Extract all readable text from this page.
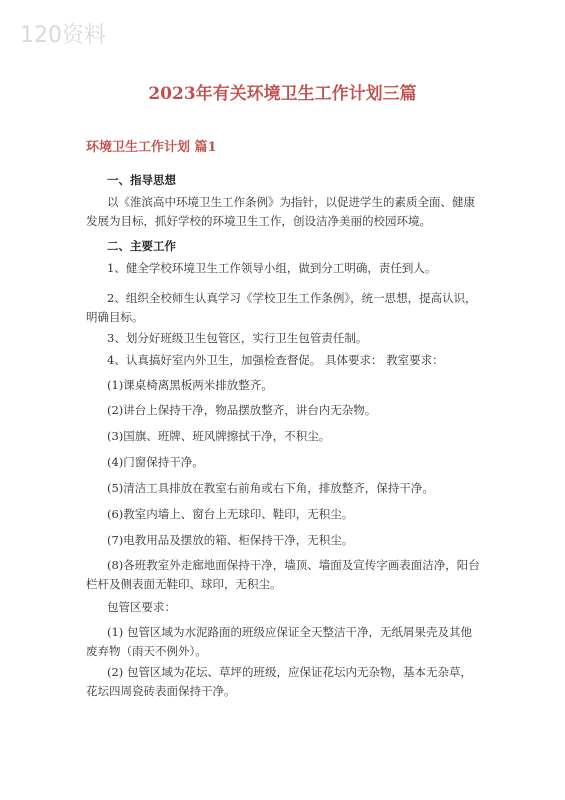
120资料
2023年有关环境卫生工作计划三篇
环境卫生工作计划 篇1
一、指导思想
以《淮滨高中环境卫生工作条例》为指针，以促进学生的素质全面、健康
发展为目标，抓好学校的环境卫生工作，创设洁净美丽的校园环境。
二、主要工作
1、健全学校环境卫生工作领导小组，做到分工明确，责任到人。
2、组织全校师生认真学习《学校卫生工作条例》，统一思想，提高认识，
明确目标。
3、划分好班级卫生包管区，实行卫生包管责任制。
4、认真搞好室内外卫生，加强检查督促。 具体要求： 教室要求：
(1)课桌椅离黑板两米排放整齐。
(2)讲台上保持干净，物品摆放整齐，讲台内无杂物。
(3)国旗、班牌、班风牌擦拭干净，不积尘。
(4)门窗保持干净。
(5)清洁工具排放在教室右前角或右下角，排放整齐，保持干净。
(6)教室内墙上、窗台上无球印、鞋印，无积尘。
(7)电教用品及摆放的箱、柜保持干净，无积尘。
(8)各班教室外走廊地面保持干净，墙顶、墙面及宣传字画表面洁净，阳台
栏杆及侧表面无鞋印、球印，无积尘。
包管区要求：
(1) 包管区域为水泥路面的班级应保证全天整洁干净，无纸屑果壳及其他
废弃物（雨天不例外）。
(2) 包管区域为花坛、草坪的班级，应保证花坛内无杂物，基本无杂草，
花坛四周瓷砖表面保持干净。
